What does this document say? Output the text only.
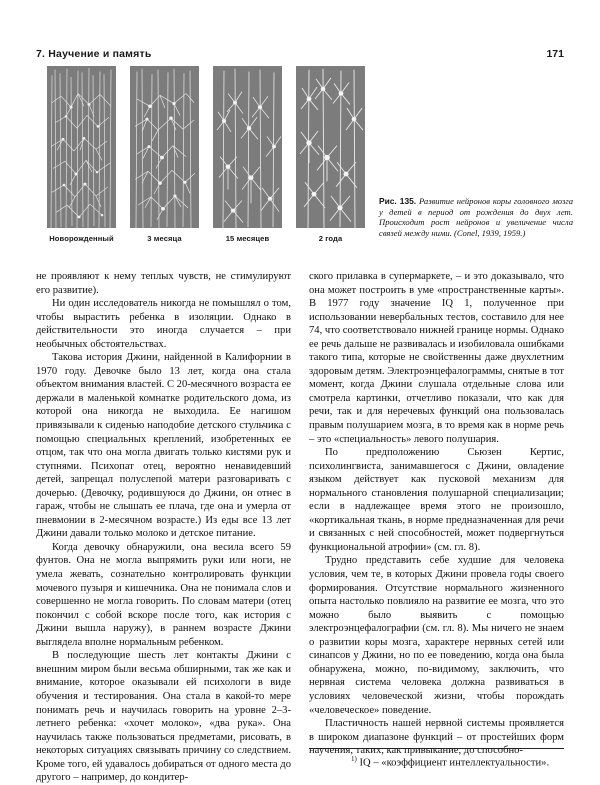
7. Научение и память	171
Новорожденный	3 месяца	15 месяцев	2 года
Рис. 135. Развитие нейронов коры головного мозга у детей в период от рождения до двух лет. Происходит рост нейронов и увеличение числа связей между ними. (Conel, 1939, 1959.)

не проявляют к нему теплых чувств, не стимулируют его развитие).

Ни один исследователь никогда не помышлял о том, чтобы вырастить ребенка в изоляции. Однако в действительности это иногда случается – при необычных обстоятельствах.

Такова история Джини, найденной в Калифорнии в 1970 году. Девочке было 13 лет, когда она стала объектом внимания властей. С 20-месячного возраста ее держали в маленькой комнатке родительского дома, из которой она никогда не выходила. Ее нагишом привязывали к сиденью наподобие детского стульчика с помощью специальных креплений, изобретенных ее отцом, так что она могла двигать только кистями рук и ступнями. Психопат отец, вероятно ненавидевший детей, запрещал полуслепой матери разговаривать с дочерью. (Девочку, родившуюся до Джини, он отнес в гараж, чтобы не слышать ее плача, где она и умерла от пневмонии в 2-месячном возрасте.) Из еды все 13 лет Джини давали только молоко и детское питание.

Когда девочку обнаружили, она весила всего 59 фунтов. Она не могла выпрямить руки или ноги, не умела жевать, сознательно контролировать функции мочевого пузыря и кишечника. Она не понимала слов и совершенно не могла говорить. По словам матери (отец покончил с собой вскоре после того, как история с Джини вышла наружу), в раннем возрасте Джини выглядела вполне нормальным ребенком.

В последующие шесть лет контакты Джини с внешним миром были весьма обширными, так же как и внимание, которое оказывали ей психологи в виде обучения и тестирования. Она стала в какой-то мере понимать речь и научилась говорить на уровне 2–3-летнего ребенка: «хочет молоко», «два рука». Она научилась также пользоваться предметами, рисовать, в некоторых ситуациях связывать причину со следствием. Кроме того, ей удавалось добираться от одного места до другого – например, до кондитер-

ского прилавка в супермаркете, – и это доказывало, что она может построить в уме «пространственные карты». В 1977 году значение IQ 1, полученное при использовании невербальных тестов, составило для нее 74, что соответствовало нижней границе нормы. Однако ее речь дальше не развивалась и изобиловала ошибками такого типа, которые не свойственны даже двухлетним здоровым детям. Электроэнцефалограммы, снятые в тот момент, когда Джини слушала отдельные слова или смотрела картинки, отчетливо показали, что как для речи, так и для неречевых функций она пользовалась правым полушарием мозга, в то время как в норме речь – это «специальность» левого полушария.

По предположению Сьюзен Кертис, психолингвиста, занимавшегося с Джини, овладение языком действует как пусковой механизм для нормального становления полушарной специализации; если в надлежащее время этого не произошло, «кортикальная ткань, в норме предназначенная для речи и связанных с ней способностей, может подвергнуться функциональной атрофии» (см. гл. 8).

Трудно представить себе худшие для человека условия, чем те, в которых Джини провела годы своего формирования. Отсутствие нормального жизненного опыта настолько повлияло на развитие ее мозга, что это можно было выявить с помощью электроэнцефалографии (см. гл. 8). Мы ничего не знаем о развитии коры мозга, характере нервных сетей или синапсов у Джини, но по ее поведению, когда она была обнаружена, можно, по-видимому, заключить, что нервная система человека должна развиваться в условиях человеческой жизни, чтобы порождать «человеческое» поведение.

Пластичность нашей нервной системы проявляется в широком диапазоне функций – от простейших форм научения, таких, как привыкание, до способно-

$^{1)}$ IQ – «коэффициент интеллектуальности».
